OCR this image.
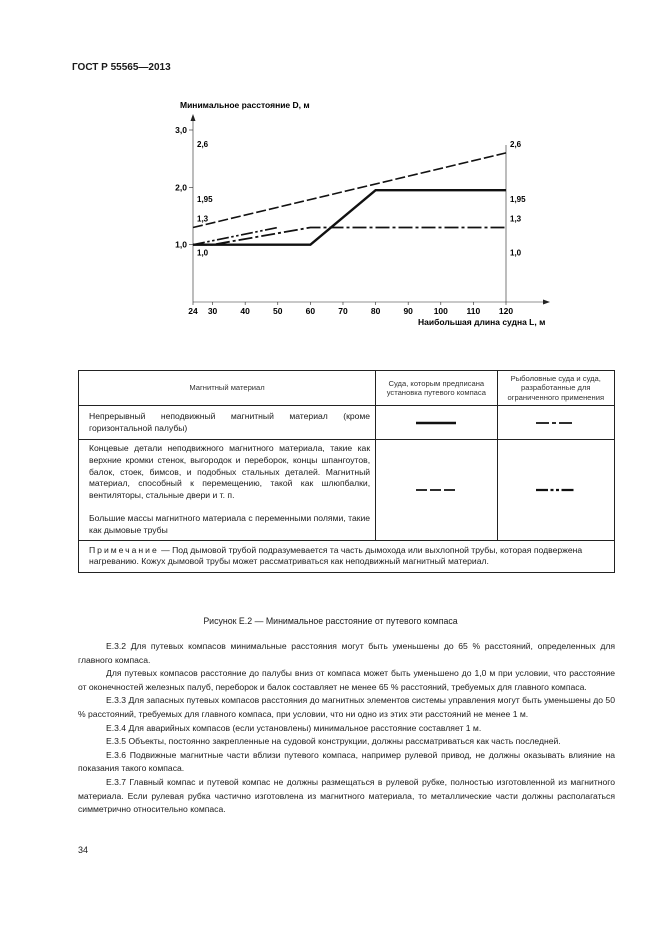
ГОСТ Р 55565—2013
Минимальное расстояние D, м
Наибольшая длина судна L, м
1,0
2,0
3,0
24 30	40	50	60	70	80	90 100 110 120
2,6
1,95
1,3
1,0
2,6
1,95
1,3
1,0
Магнитный материал	Суда, которым предписана установка путевого компаса	Рыболовные суда и суда, разработанные для ограниченного применения
Непрерывный неподвижный магнитный материал (кроме горизонтальной палубы)	

Концевые детали неподвижного магнитного материала, такие как верхние кромки стенок, выгородок и переборок, концы шпангоутов, балок, стоек, бимсов, и подобных стальных деталей. Магнитный материал, способный к перемещению, такой как шлюпбалки, вентиляторы, стальные двери и т. п.
Большие массы магнитного материала с переменными полями, такие как дымовые трубы

Примечание — Под дымовой трубой подразумевается та часть дымохода или выхлопной трубы, которая подвержена нагреванию. Кожух дымовой трубы может рассматриваться как неподвижный магнитный материал.		
Рисунок Е.2 — Минимальное расстояние от путевого компаса

Е.3.2 Для путевых компасов минимальные расстояния могут быть уменьшены до 65 % расстояний, определенных для главного компаса.

Для путевых компасов расстояние до палубы вниз от компаса может быть уменьшено до 1,0 м при условии, что расстояние от оконечностей железных палуб, переборок и балок составляет не менее 65 % расстояний, требуемых для главного компаса.

Е.3.3 Для запасных путевых компасов расстояния до магнитных элементов системы управления могут быть уменьшены до 50 % расстояний, требуемых для главного компаса, при условии, что ни одно из этих эти расстояний не менее 1 м.

Е.3.4 Для аварийных компасов (если установлены) минимальное расстояние составляет 1 м.

Е.3.5 Объекты, постоянно закрепленные на судовой конструкции, должны рассматриваться как часть последней.

Е.3.6 Подвижные магнитные части вблизи путевого компаса, например рулевой привод, не должны оказывать влияние на показания такого компаса.

Е.3.7 Главный компас и путевой компас не должны размещаться в рулевой рубке, полностью изготовленной из магнитного материала. Если рулевая рубка частично изготовлена из магнитного материала, то металлические части должны располагаться симметрично относительно компаса.

34
